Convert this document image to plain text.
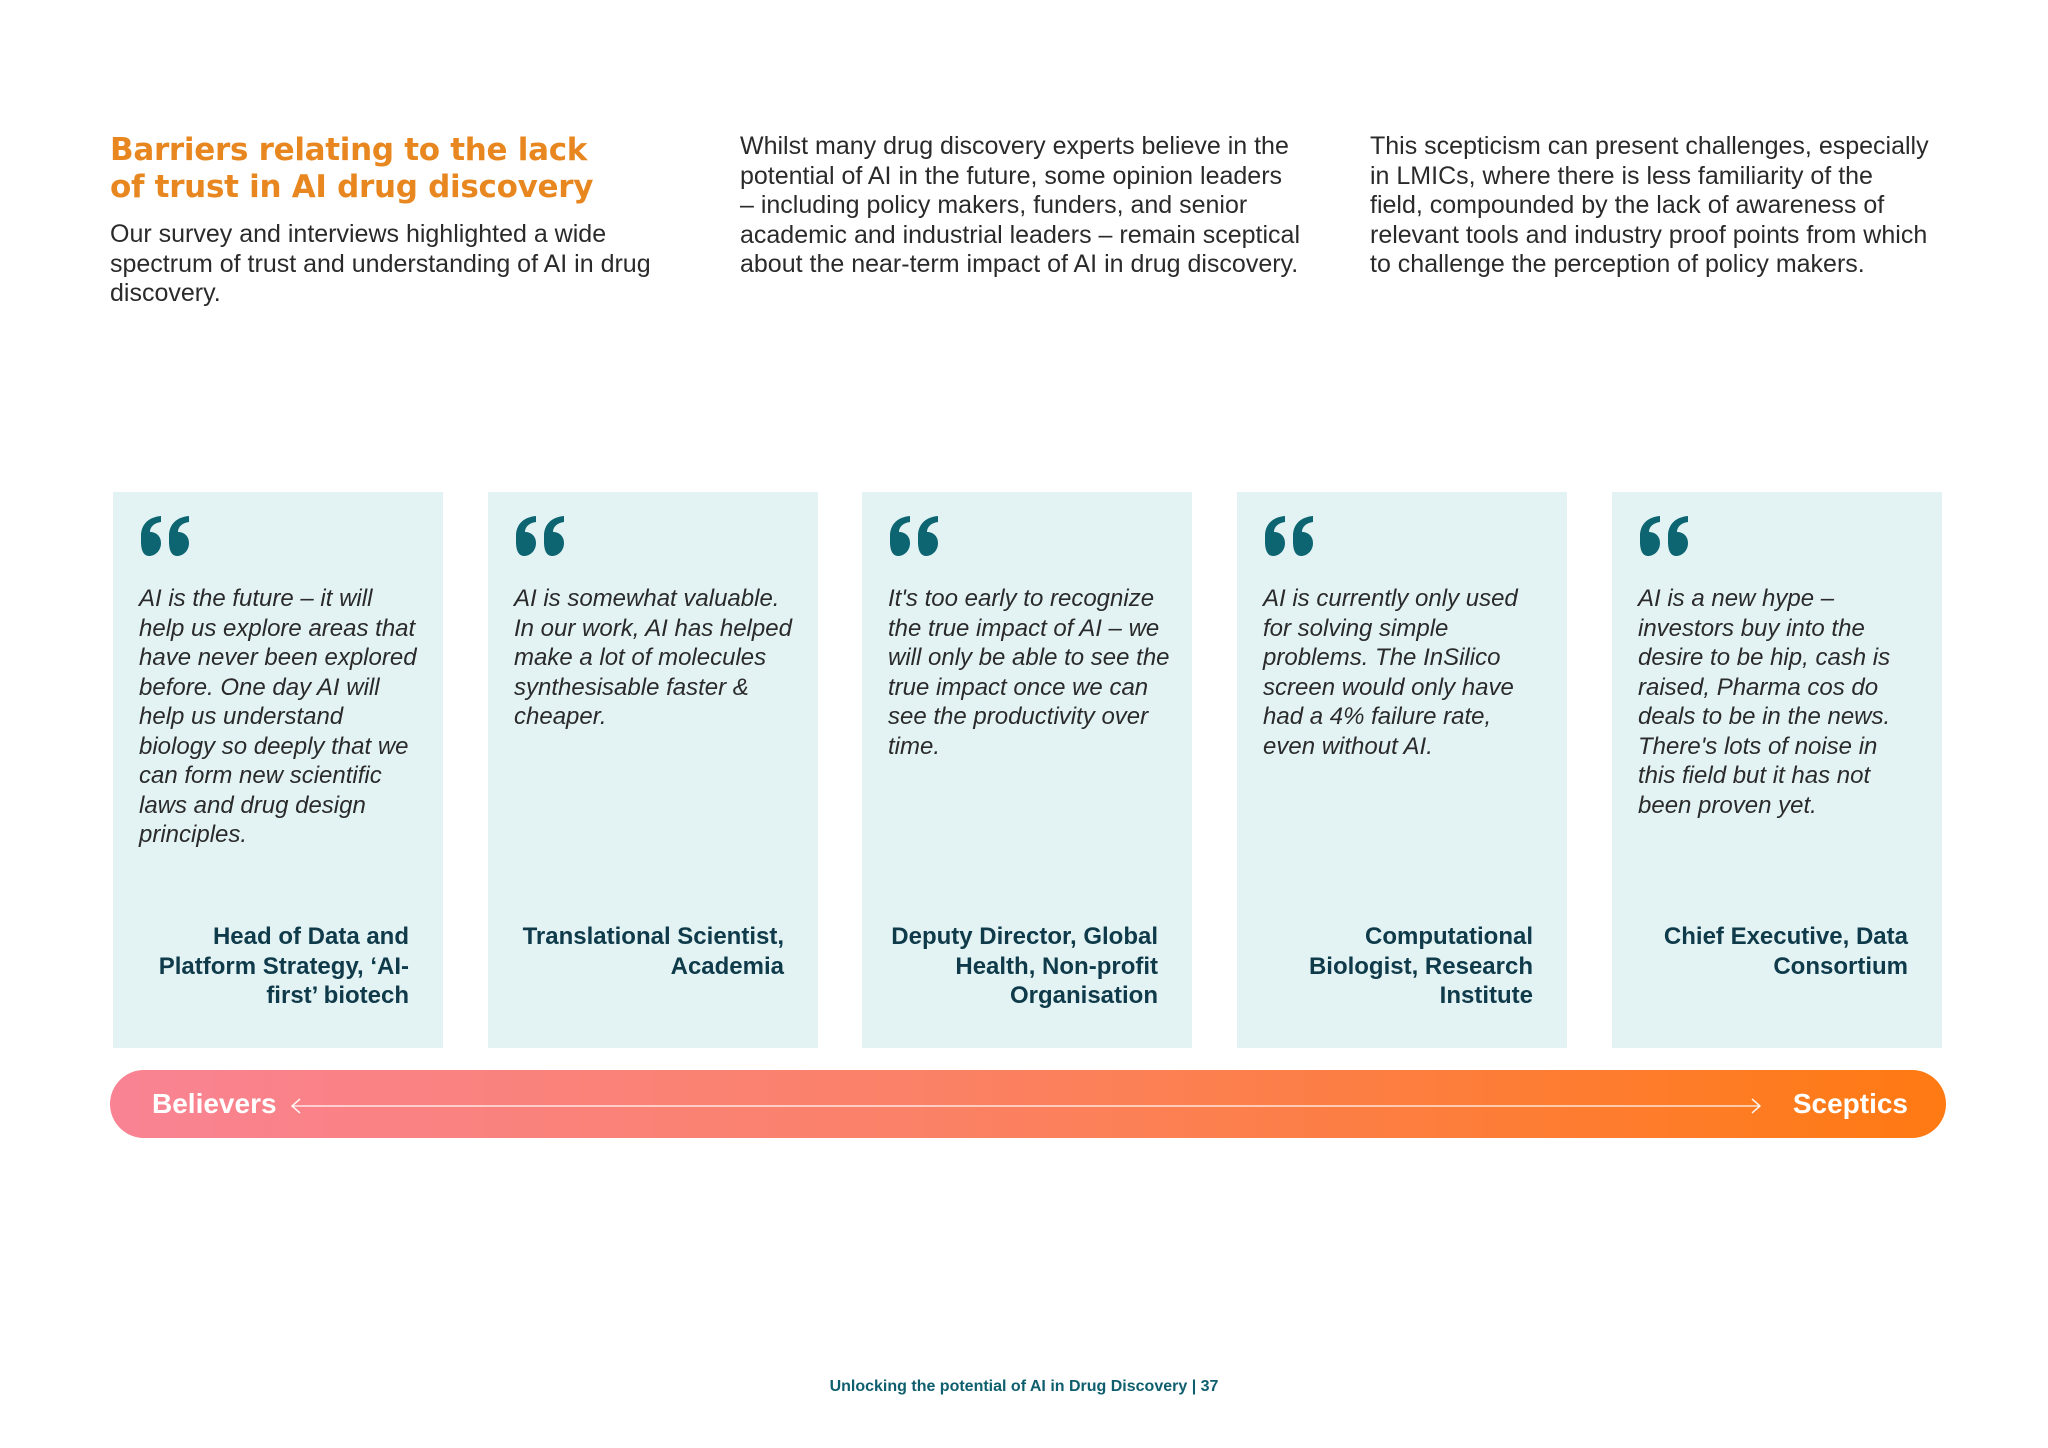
Barriers relating to the lack of trust in AI drug discovery

Our survey and interviews highlighted a wide spectrum of trust and understanding of AI in drug discovery.

Whilst many drug discovery experts believe in the potential of AI in the future, some opinion leaders – including policy makers, funders, and senior academic and industrial leaders – remain sceptical about the near-term impact of AI in drug discovery.

This scepticism can present challenges, especially in LMICs, where there is less familiarity of the field, compounded by the lack of awareness of relevant tools and industry proof points from which to challenge the perception of policy makers.

AI is the future – it will help us explore areas that have never been explored before. One day AI will help us understand biology so deeply that we can form new scientific laws and drug design principles.

Head of Data and Platform Strategy, ‘AI-first’ biotech

AI is somewhat valuable. In our work, AI has helped make a lot of molecules synthesisable faster & cheaper.

Translational Scientist, Academia

It's too early to recognize the true impact of AI – we will only be able to see the true impact once we can see the productivity over time.

Deputy Director, Global Health, Non-profit Organisation

AI is currently only used for solving simple problems. The InSilico screen would only have had a 4% failure rate, even without AI.

Computational Biologist, Research Institute

AI is a new hype – investors buy into the desire to be hip, cash is raised, Pharma cos do deals to be in the news. There's lots of noise in this field but it has not been proven yet.

Chief Executive, Data Consortium

Believers	Sceptics
Unlocking the potential of AI in Drug Discovery | 37
